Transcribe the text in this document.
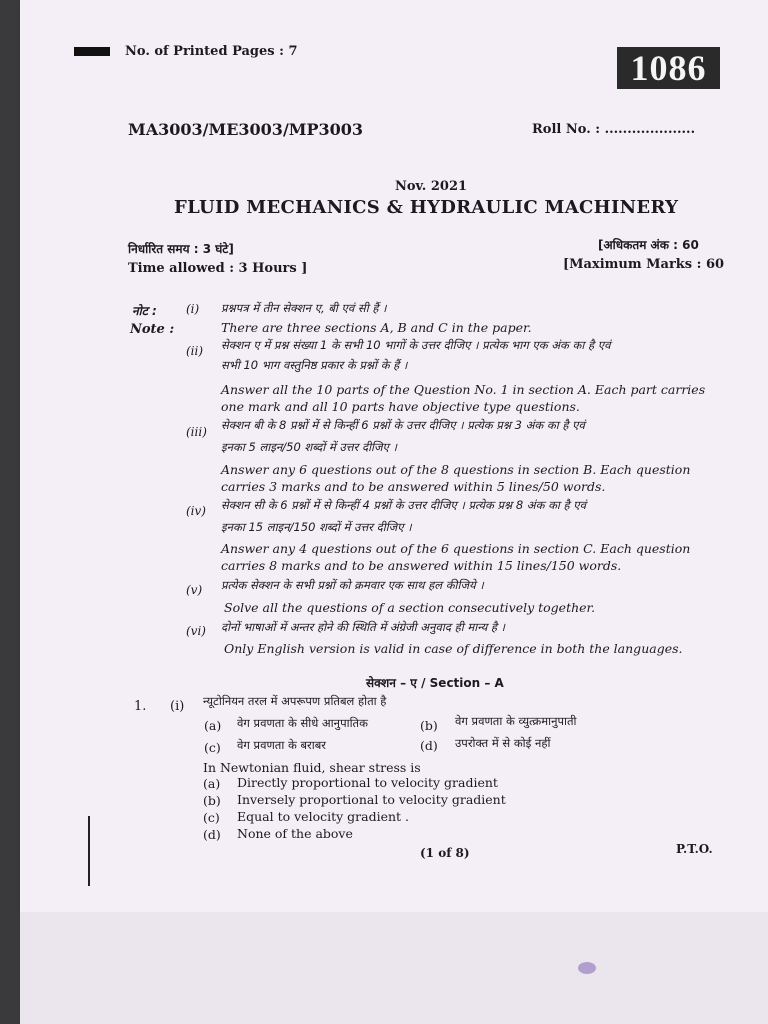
No. of Printed Pages : 7	1086
MA3003/ME3003/MP3003	Roll No. : ....................
Nov. 2021
FLUID MECHANICS & HYDRAULIC MACHINERY
निर्धारित समय : 3 घंटे]
Time allowed : 3 Hours ]
[अधिकतम अंक : 60
[Maximum Marks : 60
नोट :
Note :
(i) प्रश्नपत्र में तीन सेक्शन ए, बी एवं सी हैं ।
There are three sections A, B and C in the paper.
(ii) सेक्शन ए में प्रश्न संख्या 1 के सभी 10 भागों के उत्तर दीजिए । प्रत्येक भाग एक अंक का है एवं
सभी 10 भाग वस्तुनिष्ठ प्रकार के प्रश्नों के हैं ।
Answer all the 10 parts of the Question No. 1 in section A. Each part carries
one mark and all 10 parts have objective type questions.
(iii) सेक्शन बी के 8 प्रश्नों में से किन्हीं 6 प्रश्नों के उत्तर दीजिए । प्रत्येक प्रश्न 3 अंक का है एवं
इनका 5 लाइन/50 शब्दों में उत्तर दीजिए ।
Answer any 6 questions out of the 8 questions in section B. Each question
carries 3 marks and to be answered within 5 lines/50 words.
(iv) सेक्शन सी के 6 प्रश्नों में से किन्हीं 4 प्रश्नों के उत्तर दीजिए । प्रत्येक प्रश्न 8 अंक का है एवं
इनका 15 लाइन/150 शब्दों में उत्तर दीजिए ।
Answer any 4 questions out of the 6 questions in section C. Each question
carries 8 marks and to be answered within 15 lines/150 words.
(v) प्रत्येक सेक्शन के सभी प्रश्नों को क्रमवार एक साथ हल कीजिये ।
Solve all the questions of a section consecutively together.
(vi) दोनों भाषाओं में अन्तर होने की स्थिति में अंग्रेजी अनुवाद ही मान्य है ।
Only English version is valid in case of difference in both the languages.
सेक्शन – ए / Section – A
1. (i) न्यूटोनियन तरल में अपरूपण प्रतिबल होता है
(a) वेग प्रवणता के सीधे आनुपातिक	(b) वेग प्रवणता के व्युत्क्रमानुपाती
(c) वेग प्रवणता के बराबर	(d) उपरोक्त में से कोई नहीं
In Newtonian fluid, shear stress is
(a) Directly proportional to velocity gradient
(b) Inversely proportional to velocity gradient
(c) Equal to velocity gradient .
(d) None of the above
(1 of 8)	P.T.O.
